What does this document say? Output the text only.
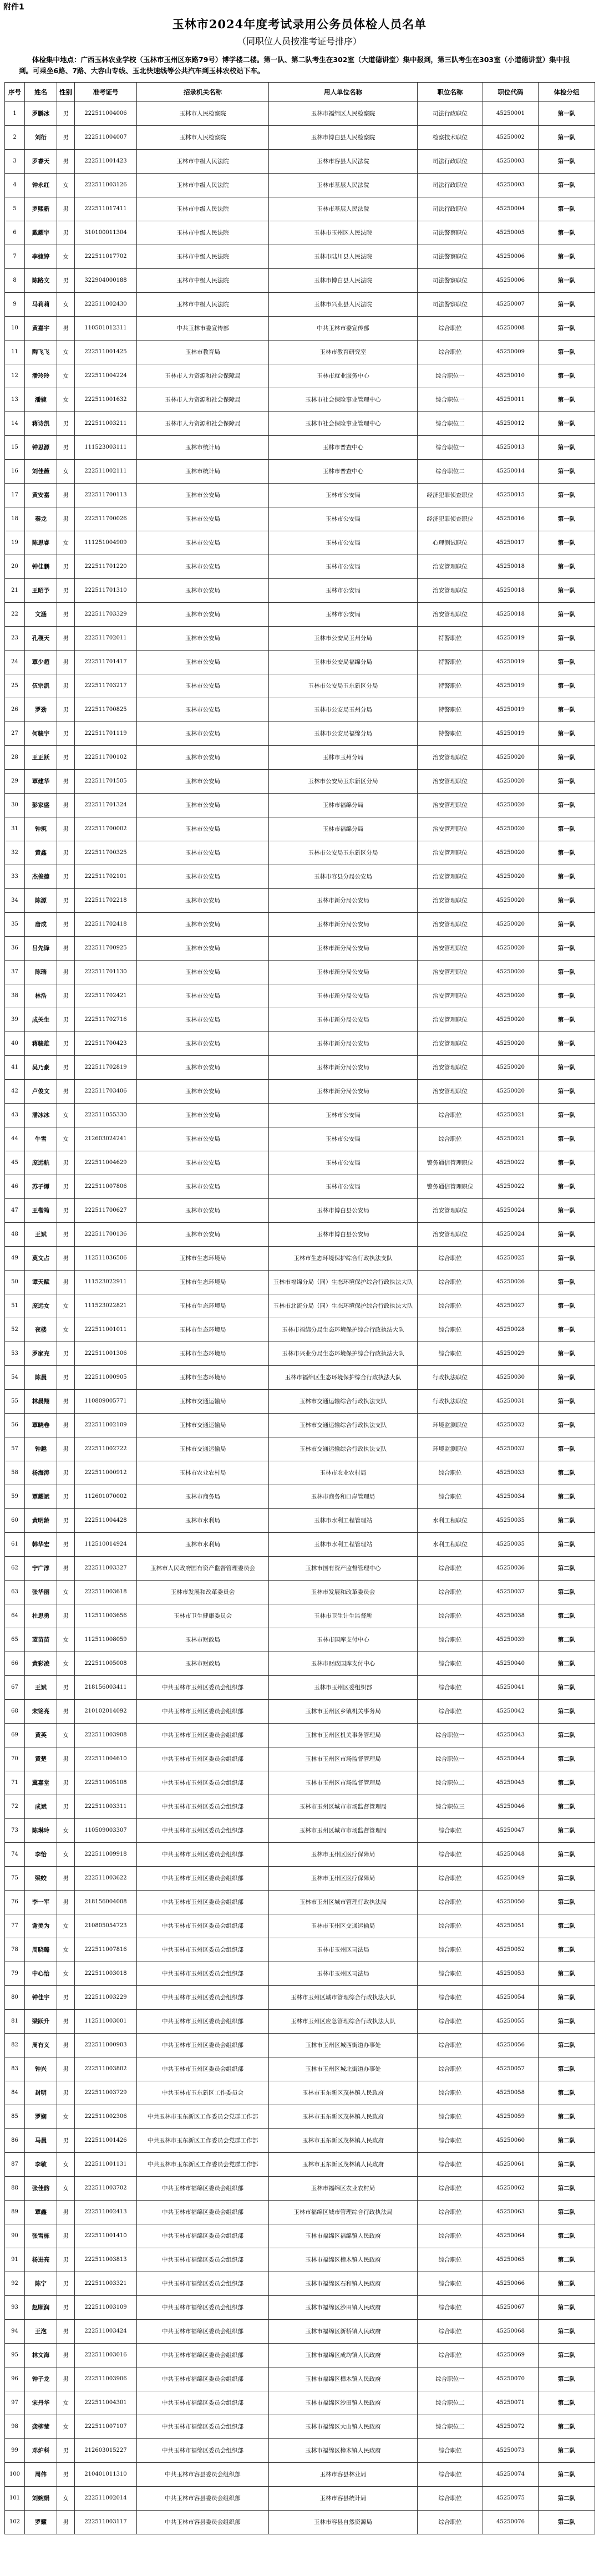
附件1
玉林市2024年度考试录用公务员体检人员名单
（同职位人员按准考证号排序）
体检集中地点：广西玉林农业学校（玉林市玉州区东路79号）博学楼二楼。第一队、第二队考生在302室（大道德讲堂）集中报到，第三队考生在303室（小道德讲堂）集中报到。可乘坐6路、7路、大容山专线、玉北快速线等公共汽车到玉林农校站下车。
序号	姓名	性别	准考证号	招录机关名称	用人单位名称	职位名称	职位代码	体检分组
1	罗鹏冰	男	222511004006	玉林市人民检察院	玉林市福绵区人民检察院	司法行政职位	45250001	第一队
2	刘衍	男	222511004007	玉林市人民检察院	玉林市博白县人民检察院	检察技术职位	45250002	第一队
3	罗睿天	男	222511001423	玉林市中级人民法院	玉林市容县人民法院	司法行政职位	45250003	第一队
4	钟永红	女	222511003126	玉林市中级人民法院	玉林市基层人民法院	司法行政职位	45250003	第一队
5	罗熙新	男	222511017411	玉林市中级人民法院	玉林市基层人民法院	司法行政职位	45250004	第一队
6	戴耀宇	男	310100011304	玉林市中级人民法院	玉林市玉州区人民法院	司法警察职位	45250005	第一队
7	李婕婷	女	222511017702	玉林市中级人民法院	玉林市陆川县人民法院	司法警察职位	45250006	第一队
8	陈路文	男	322904000188	玉林市中级人民法院	玉林市博白县人民法院	司法警察职位	45250006	第一队
9	马莉莉	女	222511002430	玉林市中级人民法院	玉林市兴业县人民法院	司法警察职位	45250007	第一队
10	黄嘉宇	男	110501012311	中共玉林市委宣传部	中共玉林市委宣传部	综合职位	45250008	第一队
11	陶飞飞	女	222511001425	玉林市教育局	玉林市教育研究室	综合职位	45250009	第一队
12	潘玲玲	女	222511004224	玉林市人力资源和社会保障局	玉林市就业服务中心	综合职位一	45250010	第一队
13	潘婕	女	222511001632	玉林市人力资源和社会保障局	玉林市社会保险事业管理中心	综合职位一	45250011	第一队
14	蒋诗凯	男	222511003211	玉林市人力资源和社会保障局	玉林市社会保险事业管理中心	综合职位二	45250012	第一队
15	钟思源	男	111523003111	玉林市统计局	玉林市普查中心	综合职位一	45250013	第一队
16	刘佳薇	女	222511002111	玉林市统计局	玉林市普查中心	综合职位二	45250014	第一队
17	黄安嘉	男	222511700113	玉林市公安局	玉林市公安局	经济犯罪侦查职位	45250015	第一队
18	秦龙	男	222511700026	玉林市公安局	玉林市公安局	经济犯罪侦查职位	45250016	第一队
19	陈思睿	女	111251004909	玉林市公安局	玉林市公安局	心理测试职位	45250017	第一队
20	钟佳鹏	男	222511701220	玉林市公安局	玉林市公安局	治安管理职位	45250018	第一队
21	王昭予	男	222511701310	玉林市公安局	玉林市公安局	治安管理职位	45250018	第一队
22	文涵	男	222511703329	玉林市公安局	玉林市公安局	治安管理职位	45250018	第一队
23	孔稷天	男	222511702011	玉林市公安局	玉林市公安局玉州分局	特警职位	45250019	第一队
24	覃少超	男	222511701417	玉林市公安局	玉林市公安局福绵分局	特警职位	45250019	第一队
25	伍宗凯	男	222511703217	玉林市公安局	玉林市公安局玉东新区分局	特警职位	45250019	第一队
26	罗劲	男	222511700825	玉林市公安局	玉林市公安局玉州分局	特警职位	45250019	第一队
27	何骏宇	男	222511701119	玉林市公安局	玉林市公安局福绵分局	特警职位	45250019	第一队
28	王正跃	男	222511700102	玉林市公安局	玉林市玉州分局	治安管理职位	45250020	第一队
29	覃建华	男	222511701505	玉林市公安局	玉林市公安局玉东新区分局	治安管理职位	45250020	第一队
30	彭家盛	男	222511701324	玉林市公安局	玉林市福绵分局	治安管理职位	45250020	第一队
31	钟筑	男	222511700002	玉林市公安局	玉林市福绵分局	治安管理职位	45250020	第一队
32	黄鑫	男	222511700325	玉林市公安局	玉林市公安局玉东新区分局	治安管理职位	45250020	第一队
33	杰俊德	男	222511702101	玉林市公安局	玉林市容县分局公安局	治安管理职位	45250020	第一队
34	陈源	男	222511702218	玉林市公安局	玉林市新分局公安局	治安管理职位	45250020	第一队
35	唐成	男	222511702418	玉林市公安局	玉林市新分局公安局	治安管理职位	45250020	第一队
36	吕先锋	男	222511700925	玉林市公安局	玉林市新分局公安局	治安管理职位	45250020	第一队
37	陈瑞	男	222511701130	玉林市公安局	玉林市新分局公安局	治安管理职位	45250020	第一队
38	林浩	男	222511702421	玉林市公安局	玉林市新分局公安局	治安管理职位	45250020	第一队
39	成关生	男	222511702716	玉林市公安局	玉林市新分局公安局	治安管理职位	45250020	第一队
40	蒋骏雄	男	222511700423	玉林市公安局	玉林市新分局公安局	治安管理职位	45250020	第一队
41	吴乃豪	男	222511702819	玉林市公安局	玉林市新分局公安局	治安管理职位	45250020	第一队
42	卢俊文	男	222511703406	玉林市公安局	玉林市新分局公安局	治安管理职位	45250020	第一队
43	潘冰冰	女	222511055330	玉林市公安局	玉林市公安局	综合职位	45250021	第一队
44	牛雪	女	212603024241	玉林市公安局	玉林市公安局	综合职位	45250021	第一队
45	庞远航	男	222511004629	玉林市公安局	玉林市公安局	警务通信管理职位	45250022	第一队
46	苏子谭	男	222511007806	玉林市公安局	玉林市公安局	警务通信管理职位	45250022	第一队
47	王楷筠	男	222511700627	玉林市公安局	玉林市博白县公安局	治安管理职位	45250024	第一队
48	王斌	男	222511700136	玉林市公安局	玉林市博白县公安局	治安管理职位	45250024	第一队
49	莫文占	男	112511036506	玉林市生态环境局	玉林市生态环境保护综合行政执法支队	综合职位	45250025	第一队
50	谭天赋	男	111523022911	玉林市生态环境局	玉林市福绵分局（同）生态环境保护综合行政执法大队	综合职位	45250026	第一队
51	庞远女	女	111523022821	玉林市生态环境局	玉林市北流分局（同）生态环境保护综合行政执法大队	综合职位	45250027	第一队
52	夜楼	女	222511001011	玉林市生态环境局	玉林市福绵分局生态环境保护综合行政执法大队	综合职位	45250028	第一队
53	罗家充	男	222511001306	玉林市生态环境局	玉林市兴业分局生态环境保护综合行政执法大队	综合职位	45250029	第一队
54	陈晨	男	222511000905	玉林市生态环境局	玉林市福绵区生态环境保护综合行政执法大队	行政执法职位	45250030	第一队
55	林晨翔	男	110809005771	玉林市交通运输局	玉林市交通运输综合行政执法支队	行政执法职位	45250031	第一队
56	覃晓卷	男	222511002109	玉林市交通运输局	玉林市交通运输综合行政执法支队	环境监测职位	45250032	第一队
57	钟越	男	222511002722	玉林市交通运输局	玉林市交通运输综合行政执法支队	环境监测职位	45250032	第一队
58	杨海涛	男	222511000912	玉林市农业农村局	玉林市农业农村局	综合职位	45250033	第二队
59	覃耀斌	男	112601070002	玉林市商务局	玉林市商务和口岸管理局	综合职位	45250034	第二队
60	黄明龄	男	222511004428	玉林市水利局	玉林市水利工程管理站	水利工程职位	45250035	第二队
61	韩华宏	男	112510014924	玉林市水利局	玉林市水利工程管理站	水利工程职位	45250035	第二队
62	宁广淳	男	222511003327	玉林市人民政府国有资产监督管理委员会	玉林市国有资产监督管理中心	综合职位	45250036	第二队
63	张华丽	女	222511003618	玉林市发展和改革委员会	玉林市发展和改革委员会	综合职位	45250037	第二队
64	杜思勇	男	112511003656	玉林市卫生健康委员会	玉林市卫生计生监督所	综合职位	45250038	第二队
65	蓝苗苗	女	112511008059	玉林市财政局	玉林市国库支付中心	综合职位	45250039	第二队
66	黄彩凌	女	222511005008	玉林市财政局	玉林市财政国库支付中心	综合职位	45250040	第二队
67	王斌	男	218156003411	中共玉林市玉州区委员会组织部	玉林市玉州区委组织部	综合职位	45250041	第二队
68	宋铭亮	男	210102014092	中共玉林市玉州区委员会组织部	玉林市玉州区乡镇机关事务局	综合职位	45250042	第二队
69	黄英	女	222511003908	中共玉林市玉州区委员会组织部	玉林市玉州区机关事务管理局	综合职位一	45250043	第二队
70	黄楚	男	222511004610	中共玉林市玉州区委员会组织部	玉林市玉州区市场监督管理局	综合职位一	45250044	第二队
71	冀嘉堂	男	222511005108	中共玉林市玉州区委员会组织部	玉林市玉州区市场监督管理局	综合职位二	45250045	第二队
72	成斌	男	222511003311	中共玉林市玉州区委员会组织部	玉林市玉州区城市市场监督管理局	综合职位三	45250046	第二队
73	陈琳玲	女	110509003307	中共玉林市玉州区委员会组织部	玉林市玉州区城市市场监督管理局	综合职位	45250047	第二队
74	李怡	女	222511009918	中共玉林市玉州区委员会组织部	玉林市玉州区医疗保障局	综合职位	45250048	第二队
75	梁蛟	男	222511003622	中共玉林市玉州区委员会组织部	玉林市玉州区医疗保障局	综合职位	45250049	第二队
76	李一军	男	218156004008	中共玉林市玉州区委员会组织部	玉林市玉州区城市管理行政执法局	综合职位	45250050	第二队
77	谢美为	女	210805054723	中共玉林市玉州区委员会组织部	玉林市玉州区交通运输局	综合职位	45250051	第二队
78	周晓璐	女	222511007816	中共玉林市玉州区委员会组织部	玉林市玉州区司法局	综合职位	45250052	第二队
79	中心怡	女	222511003018	中共玉林市玉州区委员会组织部	玉林市玉州区司法局	综合职位	45250053	第二队
80	钟佳宇	男	222511003229	中共玉林市玉州区委员会组织部	玉林市玉州区城市管理综合行政执法大队	综合职位	45250054	第二队
81	梁跃升	男	112511003001	中共玉林市玉州区委员会组织部	玉林市玉州区应急管理综合行政执法大队	综合职位	45250055	第二队
82	周有义	男	222511000903	中共玉林市玉州区委员会组织部	玉林市玉州区城西街道办事处	综合职位	45250056	第二队
83	钟兴	男	222511003802	中共玉林市玉州区委员会组织部	玉林市玉州区城北街道办事处	综合职位	45250057	第二队
84	封明	男	222511003729	中共玉林市玉东新区工作委员会	玉林市玉东新区茂林镇人民政府	综合职位	45250058	第二队
85	罗娴	女	222511002306	中共玉林市玉东新区工作委员会党群工作部	玉林市玉东新区茂林镇人民政府	综合职位	45250059	第二队
86	马晨	男	222511001426	中共玉林市玉东新区工作委员会党群工作部	玉林市玉东新区茂林镇人民政府	综合职位	45250060	第二队
87	李敏	女	222511001131	中共玉林市玉东新区工作委员会党群工作部	玉林市玉东新区茂林镇人民政府	综合职位	45250061	第二队
88	张佳韵	女	222511003702	中共玉林市福绵区委员会组织部	玉林市福绵区农业农村局	综合职位	45250062	第二队
89	覃鑫	男	222511002413	中共玉林市福绵区委员会组织部	玉林市福绵区城市管理综合行政执法局	综合职位	45250063	第二队
90	张雪栋	男	222511001410	中共玉林市福绵区委员会组织部	玉林市福绵区福绵镇人民政府	综合职位	45250064	第二队
91	杨进亮	男	222511003813	中共玉林市福绵区委员会组织部	玉林市福绵区樟木镇人民政府	综合职位	45250065	第二队
92	陈宁	男	222511003321	中共玉林市福绵区委员会组织部	玉林市福绵区石和镇人民政府	综合职位	45250066	第二队
93	赵顾润	男	222511003109	中共玉林市福绵区委员会组织部	玉林市福绵区沙田镇人民政府	综合职位	45250067	第二队
94	王泡	男	222511003424	中共玉林市福绵区委员会组织部	玉林市福绵区新桥镇人民政府	综合职位	45250068	第二队
95	林文海	男	222511003016	中共玉林市福绵区委员会组织部	玉林市福绵区成均镇人民政府	综合职位	45250069	第二队
96	钟子龙	男	222511003906	中共玉林市福绵区委员会组织部	玉林市福绵区樟木镇人民政府	综合职位一	45250070	第二队
97	宋丹华	女	222511004301	中共玉林市福绵区委员会组织部	玉林市福绵区沙田镇人民政府	综合职位二	45250071	第二队
98	龚柳莹	女	222511007107	中共玉林市福绵区委员会组织部	玉林市福绵区大山镇人民政府	综合职位二	45250072	第二队
99	邓炉科	男	212603015227	中共玉林市福绵区委员会组织部	玉林市福绵区樟木镇人民政府	综合职位	45250073	第二队
100	周伟	男	210401011310	中共玉林市容县委员会组织部	玉林市容县林业局	综合职位	45250074	第二队
101	刘婉娟	女	222511002014	中共玉林市容县委员会组织部	玉林市容县统计局	综合职位	45250075	第二队
102	罗耀	男	222511003117	中共玉林市容县委员会组织部	玉林市容县自然资源局	综合职位	45250076	第二队
